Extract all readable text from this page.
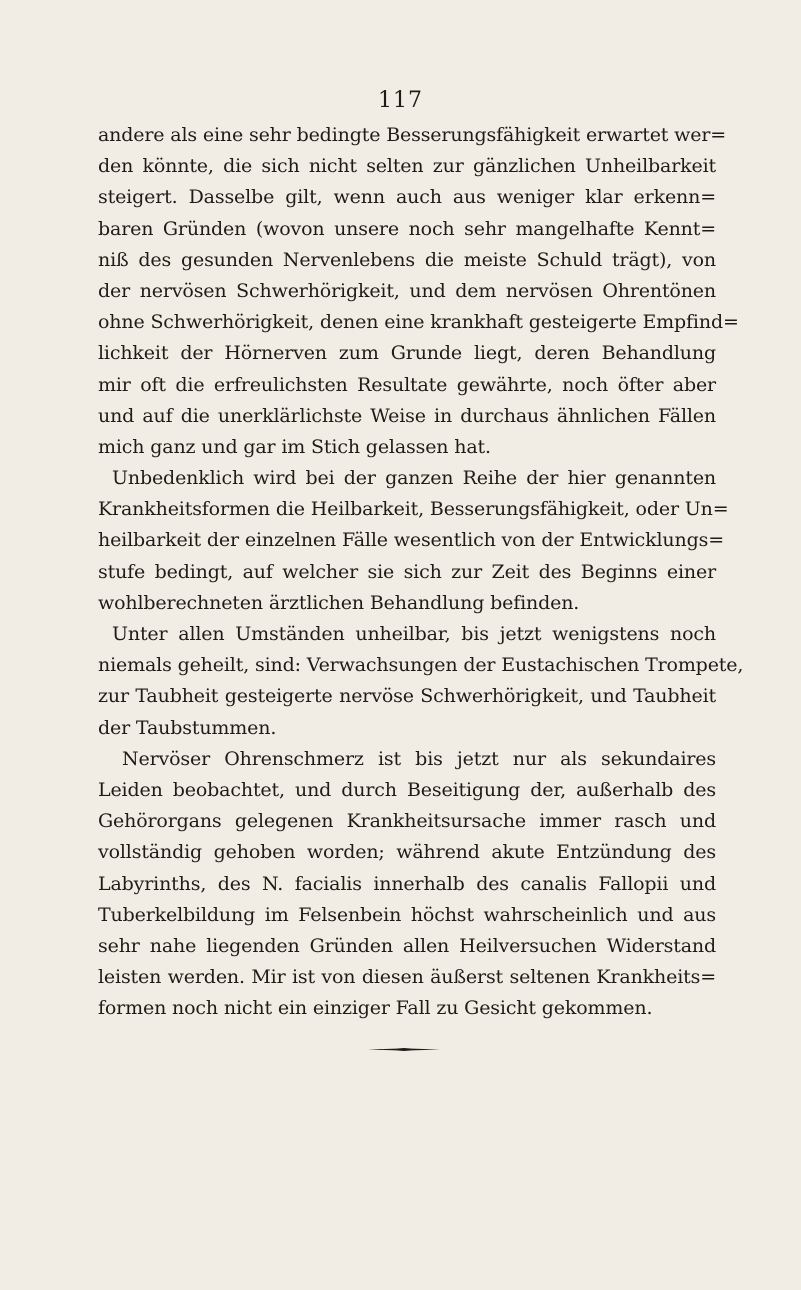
117
andere als eine sehr bedingte Besserungsfähigkeit erwartet wer=
den könnte, die sich nicht selten zur gänzlichen Unheilbarkeit
steigert. Dasselbe gilt, wenn auch aus weniger klar erkenn=
baren Gründen (wovon unsere noch sehr mangelhafte Kennt=
niß des gesunden Nervenlebens die meiste Schuld trägt), von
der nervösen Schwerhörigkeit, und dem nervösen Ohrentönen
ohne Schwerhörigkeit, denen eine krankhaft gesteigerte Empfind=
lichkeit der Hörnerven zum Grunde liegt, deren Behandlung
mir oft die erfreulichsten Resultate gewährte, noch öfter aber
und auf die unerklärlichste Weise in durchaus ähnlichen Fällen
mich ganz und gar im Stich gelassen hat.
Unbedenklich wird bei der ganzen Reihe der hier genannten
Krankheitsformen die Heilbarkeit, Besserungsfähigkeit, oder Un=
heilbarkeit der einzelnen Fälle wesentlich von der Entwicklungs=
stufe bedingt, auf welcher sie sich zur Zeit des Beginns einer
wohlberechneten ärztlichen Behandlung befinden.
Unter allen Umständen unheilbar, bis jetzt wenigstens noch
niemals geheilt, sind: Verwachsungen der Eustachischen Trompete,
zur Taubheit gesteigerte nervöse Schwerhörigkeit, und Taubheit
der Taubstummen.
Nervöser Ohrenschmerz ist bis jetzt nur als sekundaires
Leiden beobachtet, und durch Beseitigung der, außerhalb des
Gehörorgans gelegenen Krankheitsursache immer rasch und
vollständig gehoben worden; während akute Entzündung des
Labyrinths, des N. facialis innerhalb des canalis Fallopii und
Tuberkelbildung im Felsenbein höchst wahrscheinlich und aus
sehr nahe liegenden Gründen allen Heilversuchen Widerstand
leisten werden. Mir ist von diesen äußerst seltenen Krankheits=
formen noch nicht ein einziger Fall zu Gesicht gekommen.
